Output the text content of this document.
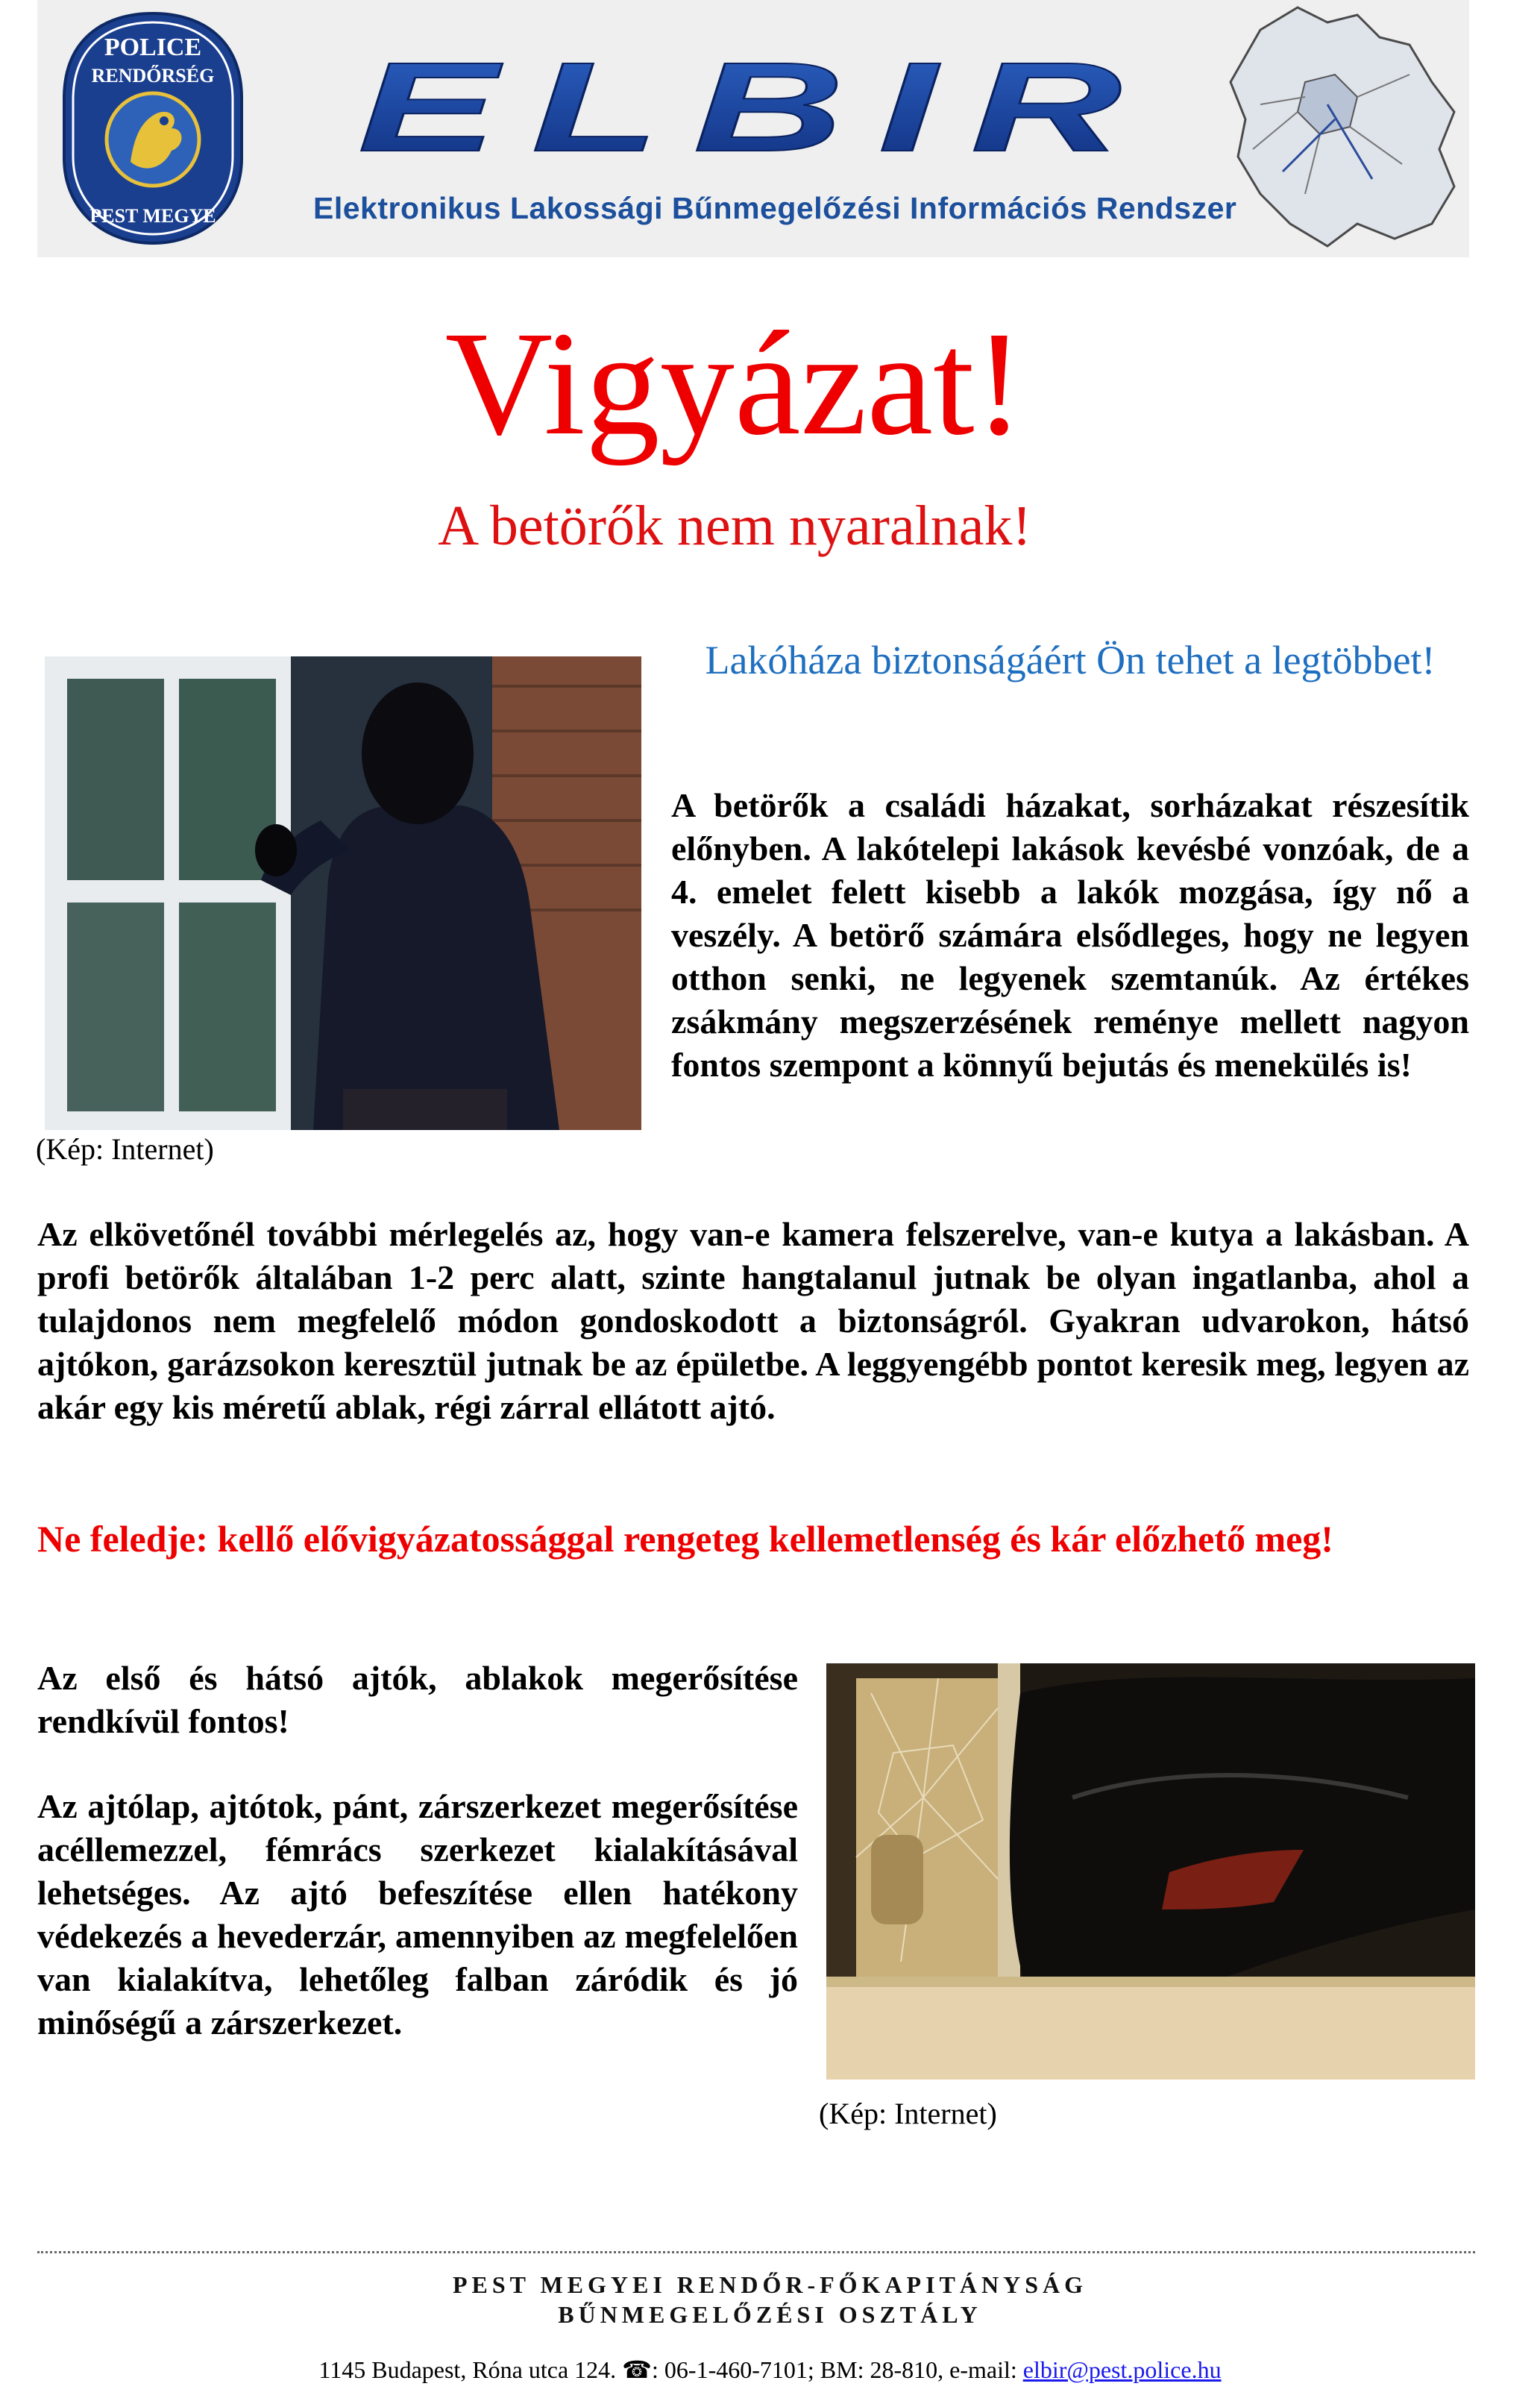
POLICE
RENDŐRSÉG
PEST MEGYE
ELBIR
Elektronikus Lakossági Bűnmegelőzési Információs Rendszer
Vigyázat!
A betörők nem nyaralnak!
(Kép: Internet)
Lakóháza biztonságáért Ön tehet a legtöbbet!
A betörők a családi házakat, sorházakat részesítik előnyben. A lakótelepi lakások kevésbé vonzóak, de a 4. emelet felett kisebb a lakók mozgása, így nő a veszély. A betörő számára elsődleges, hogy ne legyen otthon senki, ne legyenek szemtanúk. Az értékes zsákmány megszerzésének reménye mellett nagyon fontos szempont a könnyű bejutás és menekülés is!
Az elkövetőnél további mérlegelés az, hogy van-e kamera felszerelve, van-e kutya a lakásban. A profi betörők általában 1-2 perc alatt, szinte hangtalanul jutnak be olyan ingatlanba, ahol a tulajdonos nem megfelelő módon gondoskodott a biztonságról. Gyakran udvarokon, hátsó ajtókon, garázsokon keresztül jutnak be az épületbe. A leggyengébb pontot keresik meg, legyen az akár egy kis méretű ablak, régi zárral ellátott ajtó.
Ne feledje: kellő elővigyázatossággal rengeteg kellemetlenség és kár előzhető meg!
Az első és hátsó ajtók, ablakok megerősítése rendkívül fontos!
Az ajtólap, ajtótok, pánt, zárszerkezet megerősítése acéllemezzel, fémrács szerkezet kialakításával lehetséges. Az ajtó befeszítése ellen hatékony védekezés a hevederzár, amennyiben az megfelelően van kialakítva, lehetőleg falban záródik és jó minőségű a zárszerkezet.
(Kép: Internet)
PEST MEGYEI RENDŐR-FŐKAPITÁNYSÁG
BŰNMEGELŐZÉSI OSZTÁLY
1145 Budapest, Róna utca 124. ☎: 06-1-460-7101; BM: 28-810, e-mail: elbir@pest.police.hu
